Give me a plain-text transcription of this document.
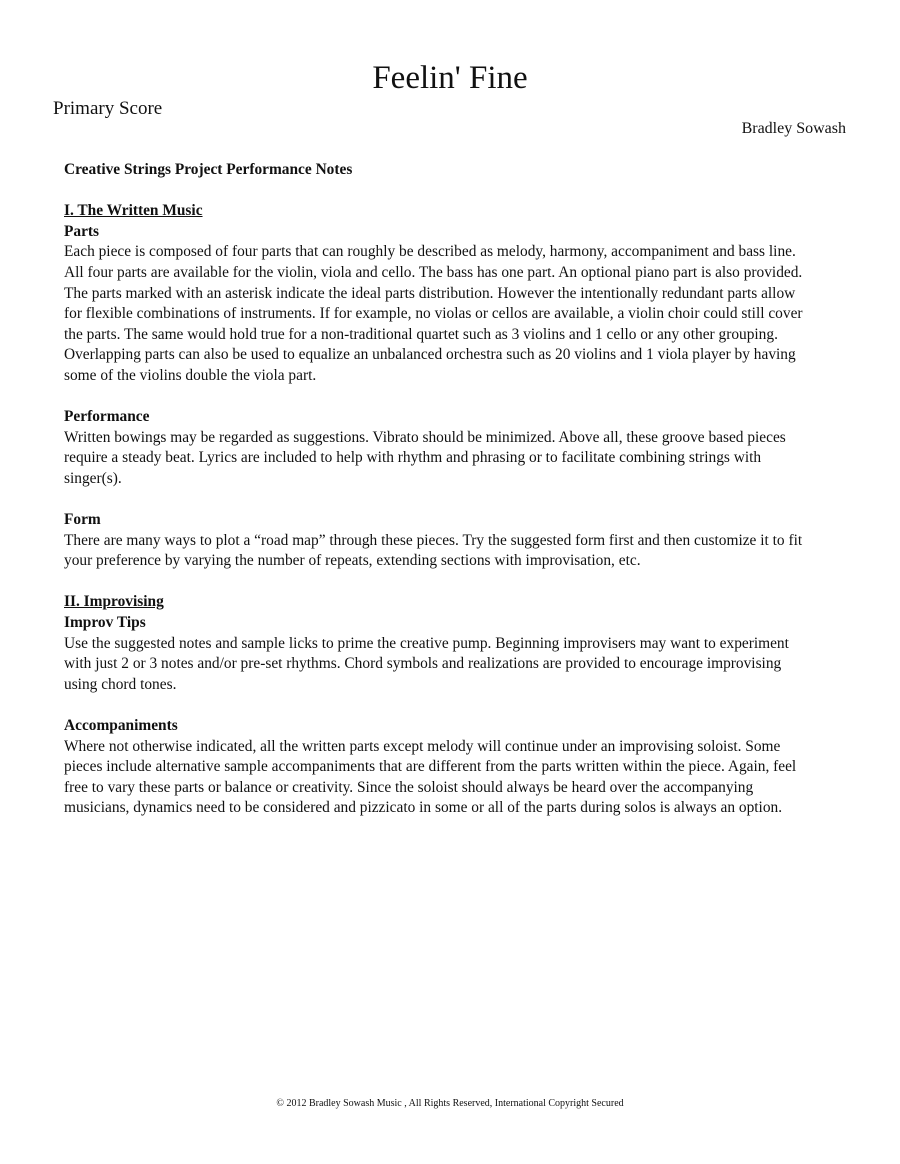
Feelin' Fine
Primary Score
Bradley Sowash

Creative Strings Project Performance Notes

I. The Written Music

Parts

Each piece is composed of four parts that can roughly be described as melody, harmony, accompaniment and bass line. All four parts are available for the violin, viola and cello. The bass has one part. An optional piano part is also provided. The parts marked with an asterisk indicate the ideal parts distribution. However the intentionally redundant parts allow for flexible combinations of instruments. If for example, no violas or cellos are available, a violin choir could still cover the parts. The same would hold true for a non-traditional quartet such as 3 violins and 1 cello or any other grouping. Overlapping parts can also be used to equalize an unbalanced orchestra such as 20 violins and 1 viola player by having some of the violins double the viola part.

Performance

Written bowings may be regarded as suggestions. Vibrato should be minimized. Above all, these groove based pieces require a steady beat. Lyrics are included to help with rhythm and phrasing or to facilitate combining strings with singer(s).

Form

There are many ways to plot a “road map” through these pieces. Try the suggested form first and then customize it to fit your preference by varying the number of repeats, extending sections with improvisation, etc.

II. Improvising

Improv Tips

Use the suggested notes and sample licks to prime the creative pump. Beginning improvisers may want to experiment with just 2 or 3 notes and/or pre-set rhythms. Chord symbols and realizations are provided to encourage improvising using chord tones.

Accompaniments

Where not otherwise indicated, all the written parts except melody will continue under an improvising soloist. Some pieces include alternative sample accompaniments that are different from the parts written within the piece. Again, feel free to vary these parts or balance or creativity. Since the soloist should always be heard over the accompanying musicians, dynamics need to be considered and pizzicato in some or all of the parts during solos is always an option.

© 2012 Bradley Sowash Music , All Rights Reserved, International Copyright Secured
